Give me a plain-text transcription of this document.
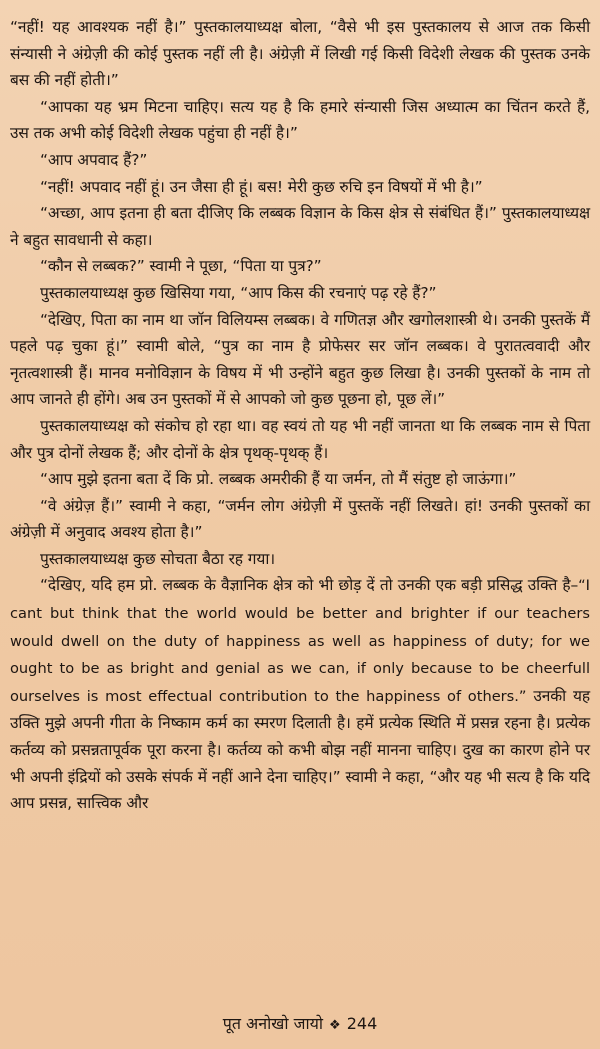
“नहीं! यह आवश्यक नहीं है।” पुस्तकालयाध्यक्ष बोला, “वैसे भी इस पुस्तकालय से आज तक किसी संन्यासी ने अंग्रेज़ी की कोई पुस्तक नहीं ली है। अंग्रेज़ी में लिखी गई किसी विदेशी लेखक की पुस्तक उनके बस की नहीं होती।”

“आपका यह भ्रम मिटना चाहिए। सत्य यह है कि हमारे संन्यासी जिस अध्यात्म का चिंतन करते हैं, उस तक अभी कोई विदेशी लेखक पहुंचा ही नहीं है।”

“आप अपवाद हैं?”

“नहीं! अपवाद नहीं हूं। उन जैसा ही हूं। बस! मेरी कुछ रुचि इन विषयों में भी है।”

“अच्छा, आप इतना ही बता दीजिए कि लब्बक विज्ञान के किस क्षेत्र से संबंधित हैं।” पुस्तकालयाध्यक्ष ने बहुत सावधानी से कहा।

“कौन से लब्बक?” स्वामी ने पूछा, “पिता या पुत्र?”

पुस्तकालयाध्यक्ष कुछ खिसिया गया, “आप किस की रचनाएं पढ़ रहे हैं?”

“देखिए, पिता का नाम था जॉन विलियम्स लब्बक। वे गणितज्ञ और खगोलशास्त्री थे। उनकी पुस्तकें मैं पहले पढ़ चुका हूं।” स्वामी बोले, “पुत्र का नाम है प्रोफेसर सर जॉन लब्बक। वे पुरातत्ववादी और नृतत्वशास्त्री हैं। मानव मनोविज्ञान के विषय में भी उन्होंने बहुत कुछ लिखा है। उनकी पुस्तकों के नाम तो आप जानते ही होंगे। अब उन पुस्तकों में से आपको जो कुछ पूछना हो, पूछ लें।”

पुस्तकालयाध्यक्ष को संकोच हो रहा था। वह स्वयं तो यह भी नहीं जानता था कि लब्बक नाम से पिता और पुत्र दोनों लेखक हैं; और दोनों के क्षेत्र पृथक्-पृथक् हैं।

“आप मुझे इतना बता दें कि प्रो. लब्बक अमरीकी हैं या जर्मन, तो मैं संतुष्ट हो जाऊंगा।”

“वे अंग्रेज़ हैं।” स्वामी ने कहा, “जर्मन लोग अंग्रेज़ी में पुस्तकें नहीं लिखते। हां! उनकी पुस्तकों का अंग्रेज़ी में अनुवाद अवश्य होता है।”

पुस्तकालयाध्यक्ष कुछ सोचता बैठा रह गया।

“देखिए, यदि हम प्रो. लब्बक के वैज्ञानिक क्षेत्र को भी छोड़ दें तो उनकी एक बड़ी प्रसिद्ध उक्ति है–“I cant but think that the world would be better and brighter if our teachers would dwell on the duty of happiness as well as happiness of duty; for we ought to be as bright and genial as we can, if only because to be cheerfull ourselves is most effectual contribution to the happiness of others.” उनकी यह उक्ति मुझे अपनी गीता के निष्काम कर्म का स्मरण दिलाती है। हमें प्रत्येक स्थिति में प्रसन्न रहना है। प्रत्येक कर्तव्य को प्रसन्नतापूर्वक पूरा करना है। कर्तव्य को कभी बोझ नहीं मानना चाहिए। दुख का कारण होने पर भी अपनी इंद्रियों को उसके संपर्क में नहीं आने देना चाहिए।” स्वामी ने कहा, “और यह भी सत्य है कि यदि आप प्रसन्न, सात्त्विक और

पूत अनोखो जायो ❖ 244
